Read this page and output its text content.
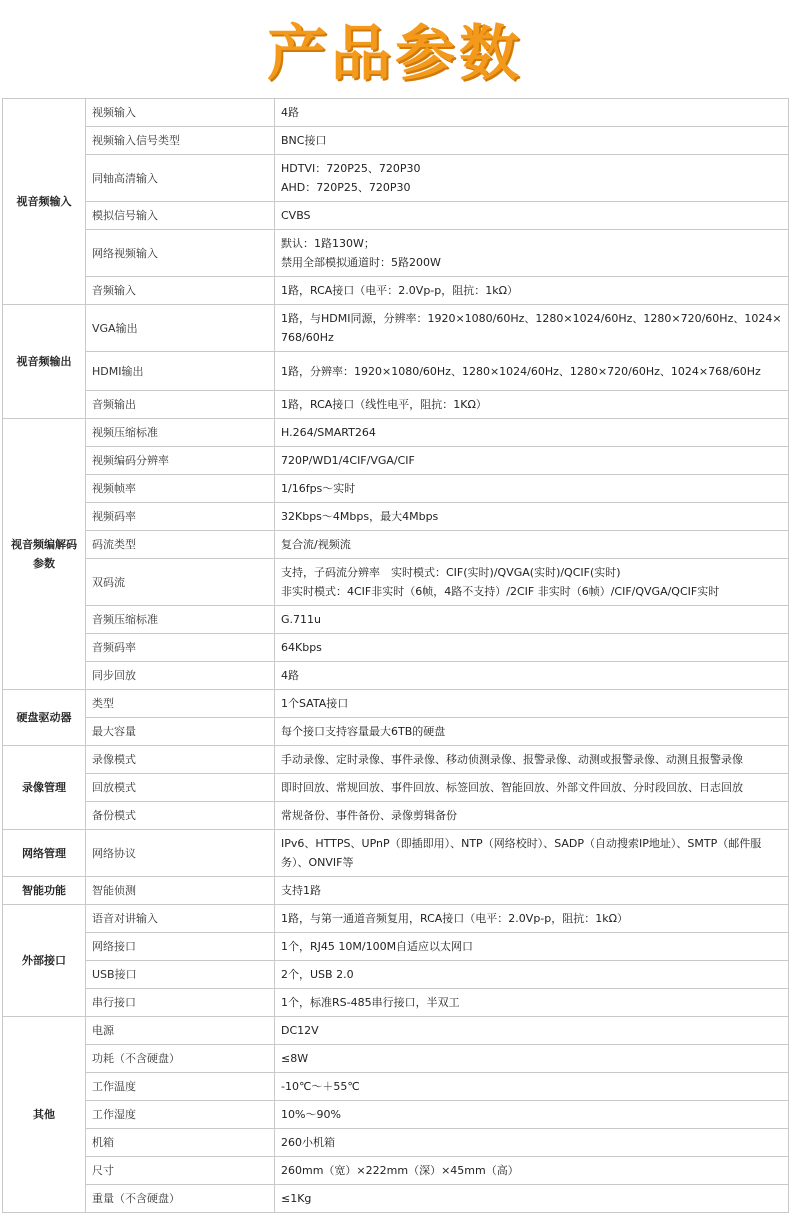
产品参数
视音频输入	视频输入	4路

	视频输入信号类型	BNC接口

	同轴高清输入	HDTVI：720P25、720P30
AHD：720P25、720P30

	模拟信号输入	CVBS

	网络视频输入	默认：1路130W；
禁用全部模拟通道时：5路200W

	音频输入	1路，RCA接口（电平：2.0Vp-p，阻抗：1kΩ）

视音频输出	VGA输出	1路，与HDMI同源，分辨率：1920×1080/60Hz、1280×1024/60Hz、1280×720/60Hz、1024×768/60Hz

	HDMI输出	1路，分辨率：1920×1080/60Hz、1280×1024/60Hz、1280×720/60Hz、1024×768/60Hz

	音频输出	1路，RCA接口（线性电平，阻抗：1KΩ）

视音频编解码参数	视频压缩标准	H.264/SMART264

	视频编码分辨率	720P/WD1/4CIF/VGA/CIF

	视频帧率	1/16fps～实时

	视频码率	32Kbps～4Mbps，最大4Mbps

	码流类型	复合流/视频流

	双码流	支持，子码流分辨率　实时模式：CIF(实时)/QVGA(实时)/QCIF(实时)
非实时模式：4CIF非实时（6帧，4路不支持）/2CIF 非实时（6帧）/CIF/QVGA/QCIF实时

	音频压缩标准	G.711u

	音频码率	64Kbps

	同步回放	4路

硬盘驱动器	类型	1个SATA接口

	最大容量	每个接口支持容量最大6TB的硬盘

录像管理	录像模式	手动录像、定时录像、事件录像、移动侦测录像、报警录像、动测或报警录像、动测且报警录像

	回放模式	即时回放、常规回放、事件回放、标签回放、智能回放、外部文件回放、分时段回放、日志回放

	备份模式	常规备份、事件备份、录像剪辑备份

网络管理	网络协议	IPv6、HTTPS、UPnP（即插即用）、NTP（网络校时）、SADP（自动搜索IP地址）、SMTP（邮件服务）、ONVIF等

智能功能	智能侦测	支持1路

外部接口	语音对讲输入	1路，与第一通道音频复用，RCA接口（电平：2.0Vp-p，阻抗：1kΩ）

	网络接口	1个，RJ45 10M/100M自适应以太网口

	USB接口	2个，USB 2.0

	串行接口	1个，标准RS-485串行接口，半双工

其他	电源	DC12V

	功耗（不含硬盘）	≤8W

	工作温度	-10℃～＋55℃

	工作湿度	10%～90%

	机箱	260小机箱

	尺寸	260mm（宽）×222mm（深）×45mm（高）

	重量（不含硬盘）	≤1Kg
